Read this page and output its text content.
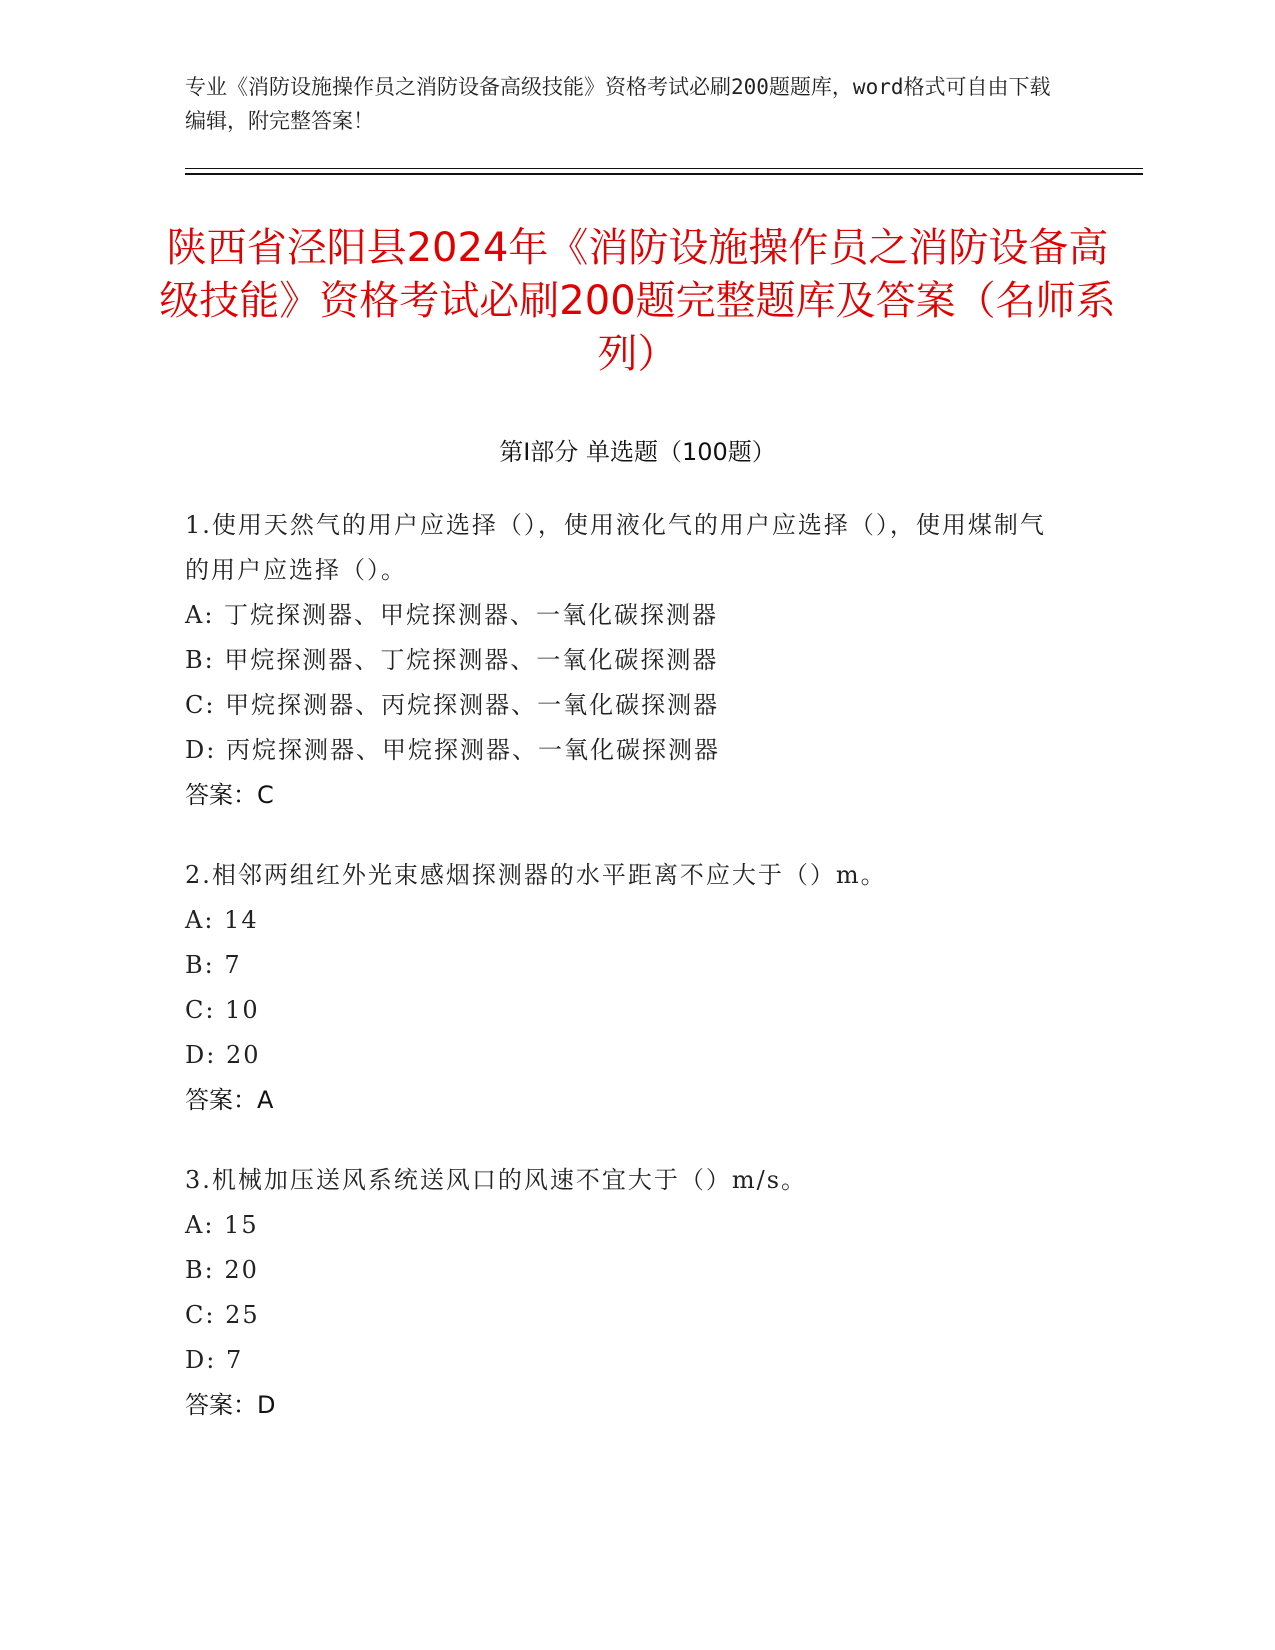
专业《消防设施操作员之消防设备高级技能》资格考试必刷200题题库，word格式可自由下载编辑，附完整答案！
陕西省泾阳县2024年《消防设施操作员之消防设备高级技能》资格考试必刷200题完整题库及答案（名师系列）
第Ⅰ部分 单选题（100题）
1.使用天然气的用户应选择（），使用液化气的用户应选择（），使用煤制气的用户应选择（）。
A: 丁烷探测器、甲烷探测器、一氧化碳探测器
B: 甲烷探测器、丁烷探测器、一氧化碳探测器
C: 甲烷探测器、丙烷探测器、一氧化碳探测器
D: 丙烷探测器、甲烷探测器、一氧化碳探测器
答案：C
2.相邻两组红外光束感烟探测器的水平距离不应大于（）m。
A: 14
B: 7
C: 10
D: 20
答案：A
3.机械加压送风系统送风口的风速不宜大于（）m/s。
A: 15
B: 20
C: 25
D: 7
答案：D
